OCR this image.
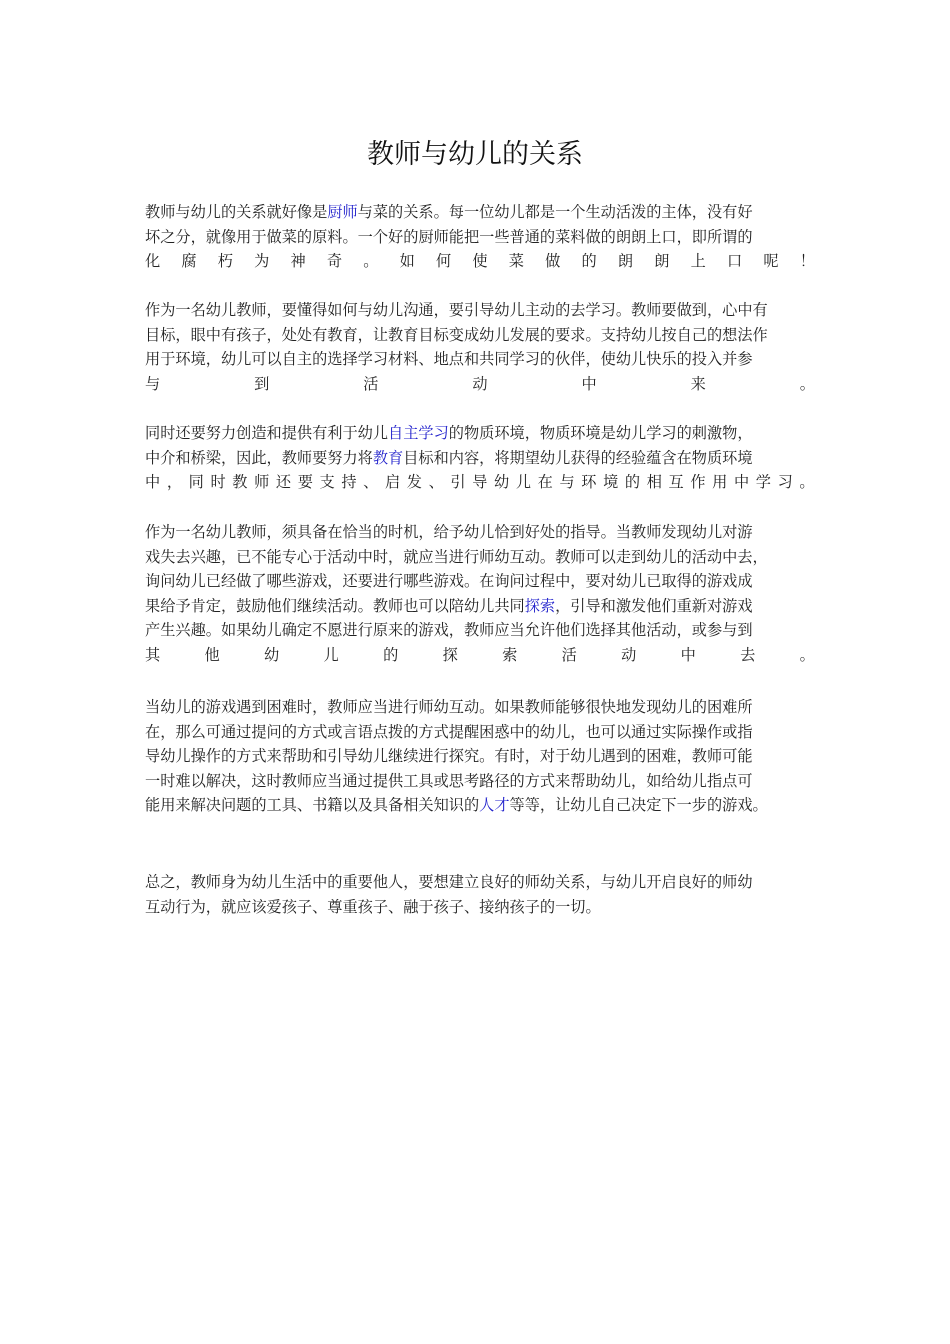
教师与幼儿的关系
教师与幼儿的关系就好像是厨师与菜的关系。每一位幼儿都是一个生动活泼的主体，没有好
坏之分，就像用于做菜的原料。一个好的厨师能把一些普通的菜料做的朗朗上口，即所谓的
化 腐 朽 为 神 奇 。 如 何 使 菜 做 的 朗 朗 上 口 呢 ！
作为一名幼儿教师，要懂得如何与幼儿沟通，要引导幼儿主动的去学习。教师要做到，心中有
目标，眼中有孩子，处处有教育，让教育目标变成幼儿发展的要求。支持幼儿按自己的想法作
用于环境，幼儿可以自主的选择学习材料、地点和共同学习的伙伴，使幼儿快乐的投入并参
与	到	活	动	中	来	。
同时还要努力创造和提供有利于幼儿自主学习的物质环境，物质环境是幼儿学习的刺激物，
中介和桥梁，因此，教师要努力将教育目标和内容，将期望幼儿获得的经验蕴含在物质环境
中 ， 同 时 教 师 还 要 支 持 、 启 发 、 引 导 幼 儿 在 与 环 境 的 相 互 作 用 中 学 习 。
作为一名幼儿教师，须具备在恰当的时机，给予幼儿恰到好处的指导。当教师发现幼儿对游
戏失去兴趣，已不能专心于活动中时，就应当进行师幼互动。教师可以走到幼儿的活动中去，
询问幼儿已经做了哪些游戏，还要进行哪些游戏。在询问过程中，要对幼儿已取得的游戏成
果给予肯定，鼓励他们继续活动。教师也可以陪幼儿共同探索，引导和激发他们重新对游戏
产生兴趣。如果幼儿确定不愿进行原来的游戏，教师应当允许他们选择其他活动，或参与到
其	他	幼	儿	的	探	索	活	动	中	去	。
当幼儿的游戏遇到困难时，教师应当进行师幼互动。如果教师能够很快地发现幼儿的困难所
在，那么可通过提问的方式或言语点拨的方式提醒困惑中的幼儿，也可以通过实际操作或指
导幼儿操作的方式来帮助和引导幼儿继续进行探究。有时，对于幼儿遇到的困难，教师可能
一时难以解决，这时教师应当通过提供工具或思考路径的方式来帮助幼儿，如给幼儿指点可
能用来解决问题的工具、书籍以及具备相关知识的人才等等，让幼儿自己决定下一步的游戏。
总之，教师身为幼儿生活中的重要他人，要想建立良好的师幼关系，与幼儿开启良好的师幼
互动行为，就应该爱孩子、尊重孩子、融于孩子、接纳孩子的一切。
